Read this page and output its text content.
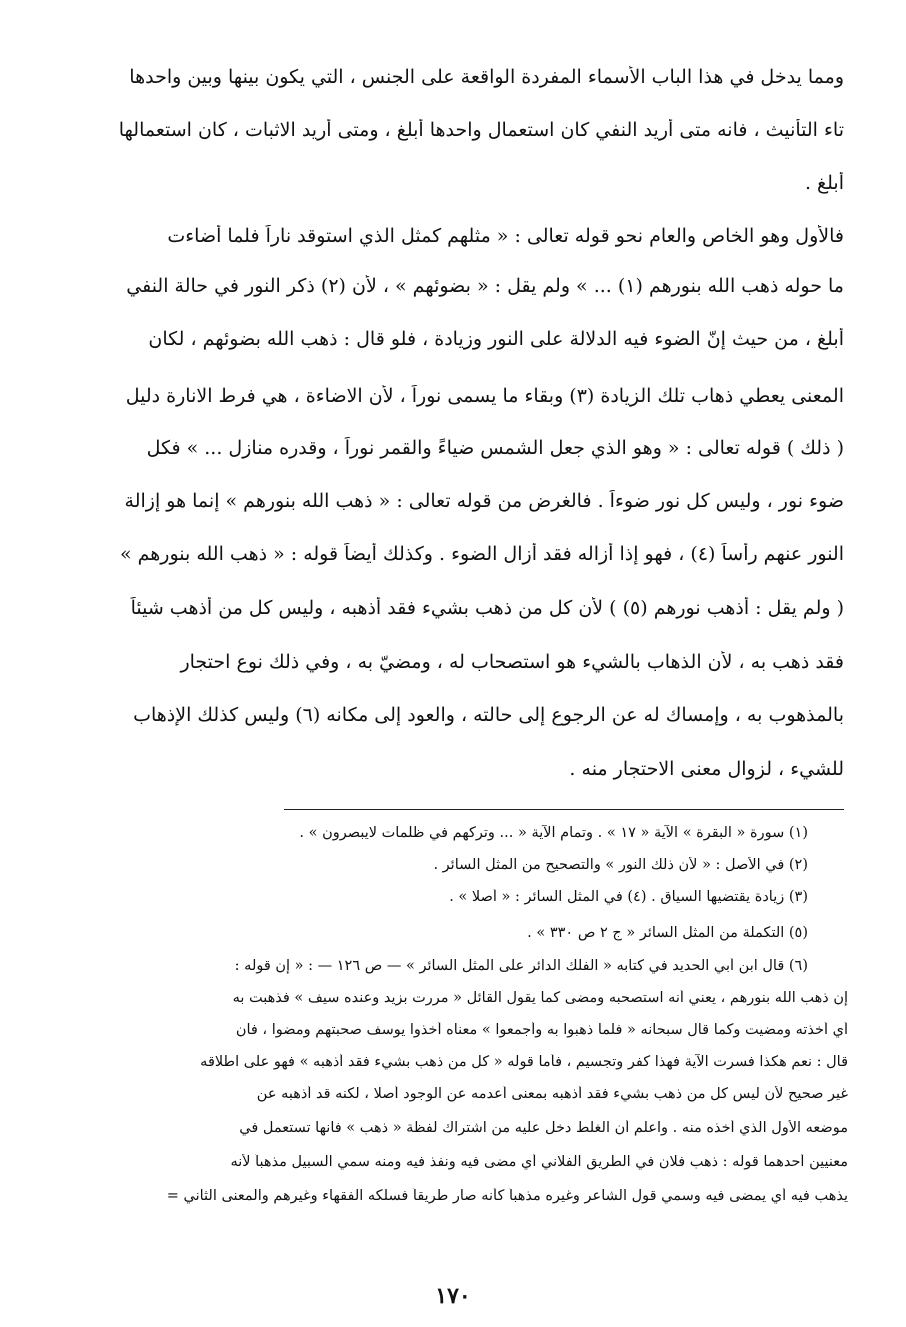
ومما يدخل في هذا الباب الأسماء المفردة الواقعة على الجنس ، التي يكون بينها وبين واحدها
تاء التأنيث ، فانه متى أريد النفي كان استعمال واحدها أبلغ ، ومتى أريد الاثبات ، كان استعمالها
أبلغ .
فالأول وهو الخاص والعام نحو قوله تعالى : « مثلهم كمثل الذي استوقد ناراً فلما أضاءت
ما حوله ذهب الله بنورهم (١) ... » ولم يقل : « بضوئهم » ، لأن (٢) ذكر النور في حالة النفي
أبلغ ، من حيث إنّ الضوء فيه الدلالة على النور وزيادة ، فلو قال : ذهب الله بضوئهم ، لكان
المعنى يعطي ذهاب تلك الزيادة (٣) وبقاء ما يسمى نوراً ، لأن الاضاءة ، هي فرط الانارة دليل
( ذلك ) قوله تعالى : « وهو الذي جعل الشمس ضياءً والقمر نوراً ، وقدره منازل ... » فكل
ضوء نور ، وليس كل نور ضوءاً . فالغرض من قوله تعالى : « ذهب الله بنورهم » إنما هو إزالة
النور عنهم رأساً (٤) ، فهو إذا أزاله فقد أزال الضوء . وكذلك أيضاً قوله : « ذهب الله بنورهم »
( ولم يقل : أذهب نورهم (٥) ) لأن كل من ذهب بشيء فقد أذهبه ، وليس كل من أذهب شيئاً
فقد ذهب به ، لأن الذهاب بالشيء هو استصحاب له ، ومضيّ به ، وفي ذلك نوع احتجار
بالمذهوب به ، وإمساك له عن الرجوع إلى حالته ، والعود إلى مكانه (٦) وليس كذلك الإذهاب
للشيء ، لزوال معنى الاحتجار منه .
(١) سورة « البقرة » الآية « ١٧ » . وتمام الآية « ... وتركهم في ظلمات لايبصرون » .
(٢) في الأصل : « لأن ذلك النور » والتصحيح من المثل السائر .
(٣) زيادة يقتضيها السياق . (٤) في المثل السائر : « أصلا » .
(٥) التكملة من المثل السائر « ج ٢ ص ٣٣٠ » .
(٦) قال ابن أبي الحديد في كتابه « الفلك الدائر على المثل السائر » — ص ١٢٦ — : « إن قوله :
إن ذهب الله بنورهم ، يعني أنه استصحبه ومضى كما يقول القائل « مررت بزيد وعنده سيف » فذهبت به
أي أخذته ومضيت وكما قال سبحانه « فلما ذهبوا به وأجمعوا » معناه أخذوا يوسف صحبتهم ومضوا ، فان
قال : نعم هكذا فسرت الآية فهذا كفر وتجسيم ، فأما قوله « كل من ذهب بشيء فقد أذهبه » فهو على اطلاقه
غير صحيح لأن ليس كل من ذهب بشيء فقد أذهبه بمعنى أعدمه عن الوجود أصلا ، لكنه قد أذهبه عن
موضعه الأول الذي أخذه منه . واعلم أن الغلط دخل عليه من اشتراك لفظة « ذهب » فانها تستعمل في
معنيين أحدهما قوله : ذهب فلان في الطريق الفلاني أي مضى فيه ونفذ فيه ومنه سمي السبيل مذهباً لأنه
يذهب فيه أي يمضى فيه وسمي قول الشاعر وغيره مذهباً كأنه صار طريقاً فسلكه الفقهاء وغيرهم والمعنى الثاني =
١٧٠
